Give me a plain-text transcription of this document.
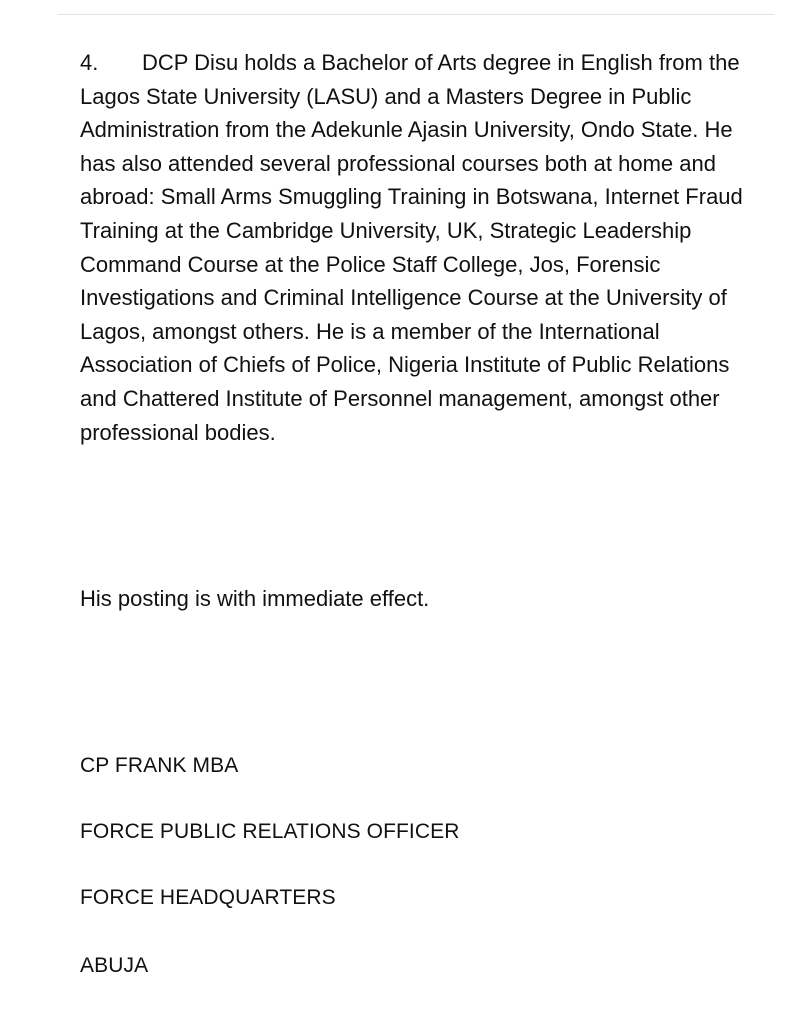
4. DCP Disu holds a Bachelor of Arts degree in English from the Lagos State University (LASU) and a Masters Degree in Public Administration from the Adekunle Ajasin University, Ondo State. He has also attended several professional courses both at home and abroad: Small Arms Smuggling Training in Botswana, Internet Fraud Training at the Cambridge University, UK, Strategic Leadership Command Course at the Police Staff College, Jos, Forensic Investigations and Criminal Intelligence Course at the University of Lagos, amongst others. He is a member of the International Association of Chiefs of Police, Nigeria Institute of Public Relations and Chattered Institute of Personnel management, amongst other professional bodies.

His posting is with immediate effect.

CP FRANK MBA

FORCE PUBLIC RELATIONS OFFICER

FORCE HEADQUARTERS

ABUJA
